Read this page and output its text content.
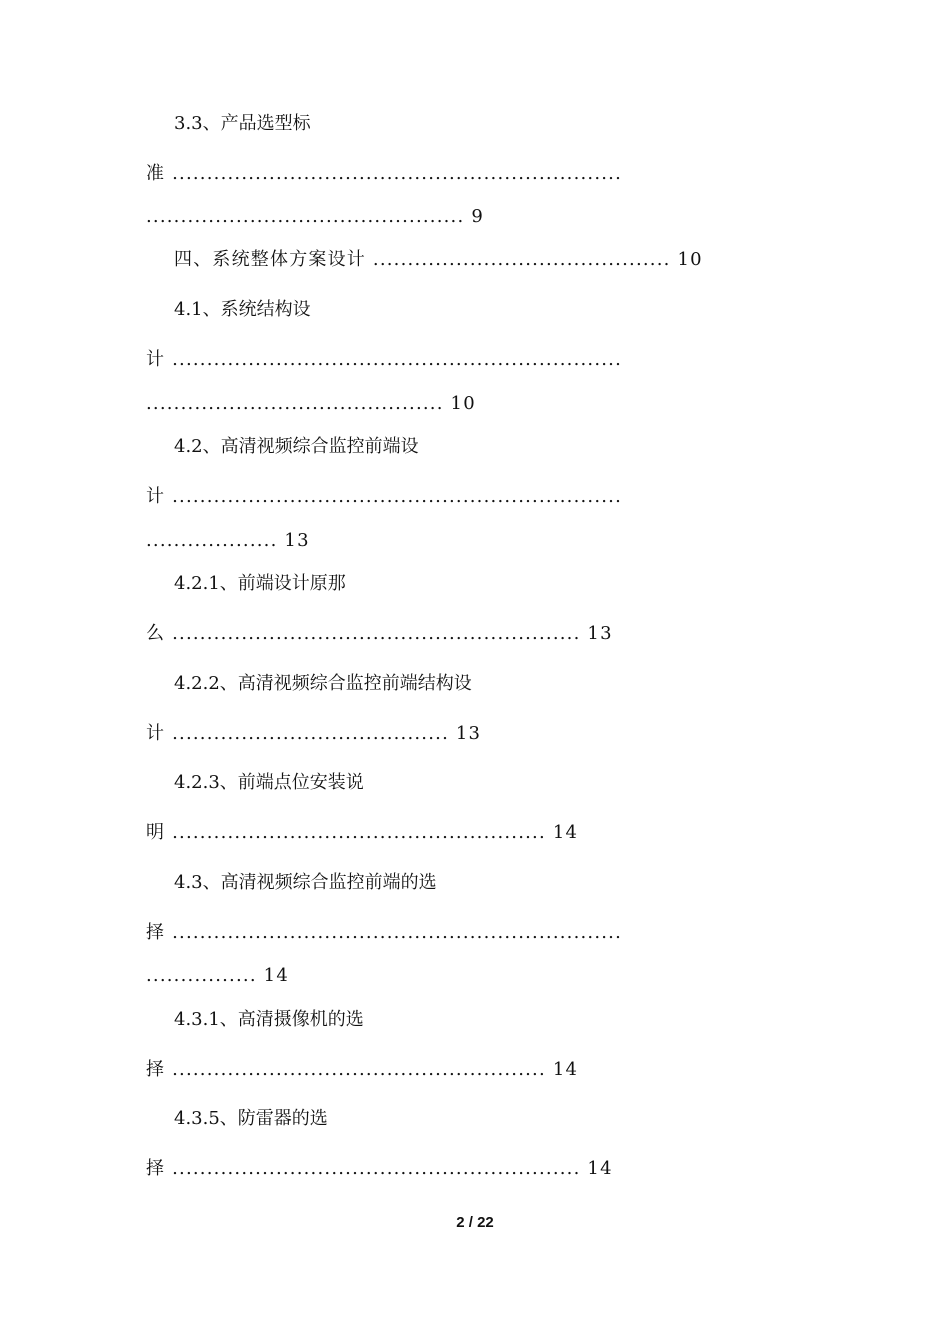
3.3、产品选型标
准 .................................................................
.............................................. 9
四、系统整体方案设计 ........................................... 10
4.1、系统结构设
计 .................................................................
........................................... 10
4.2、高清视频综合监控前端设
计 .................................................................
................... 13
4.2.1、前端设计原那
么 ........................................................... 13
4.2.2、高清视频综合监控前端结构设
计 ........................................ 13
4.2.3、前端点位安装说
明 ...................................................... 14
4.3、高清视频综合监控前端的选
择 .................................................................
................ 14
4.3.1、高清摄像机的选
择 ...................................................... 14
4.3.5、防雷器的选
择 ........................................................... 14
2 / 22
